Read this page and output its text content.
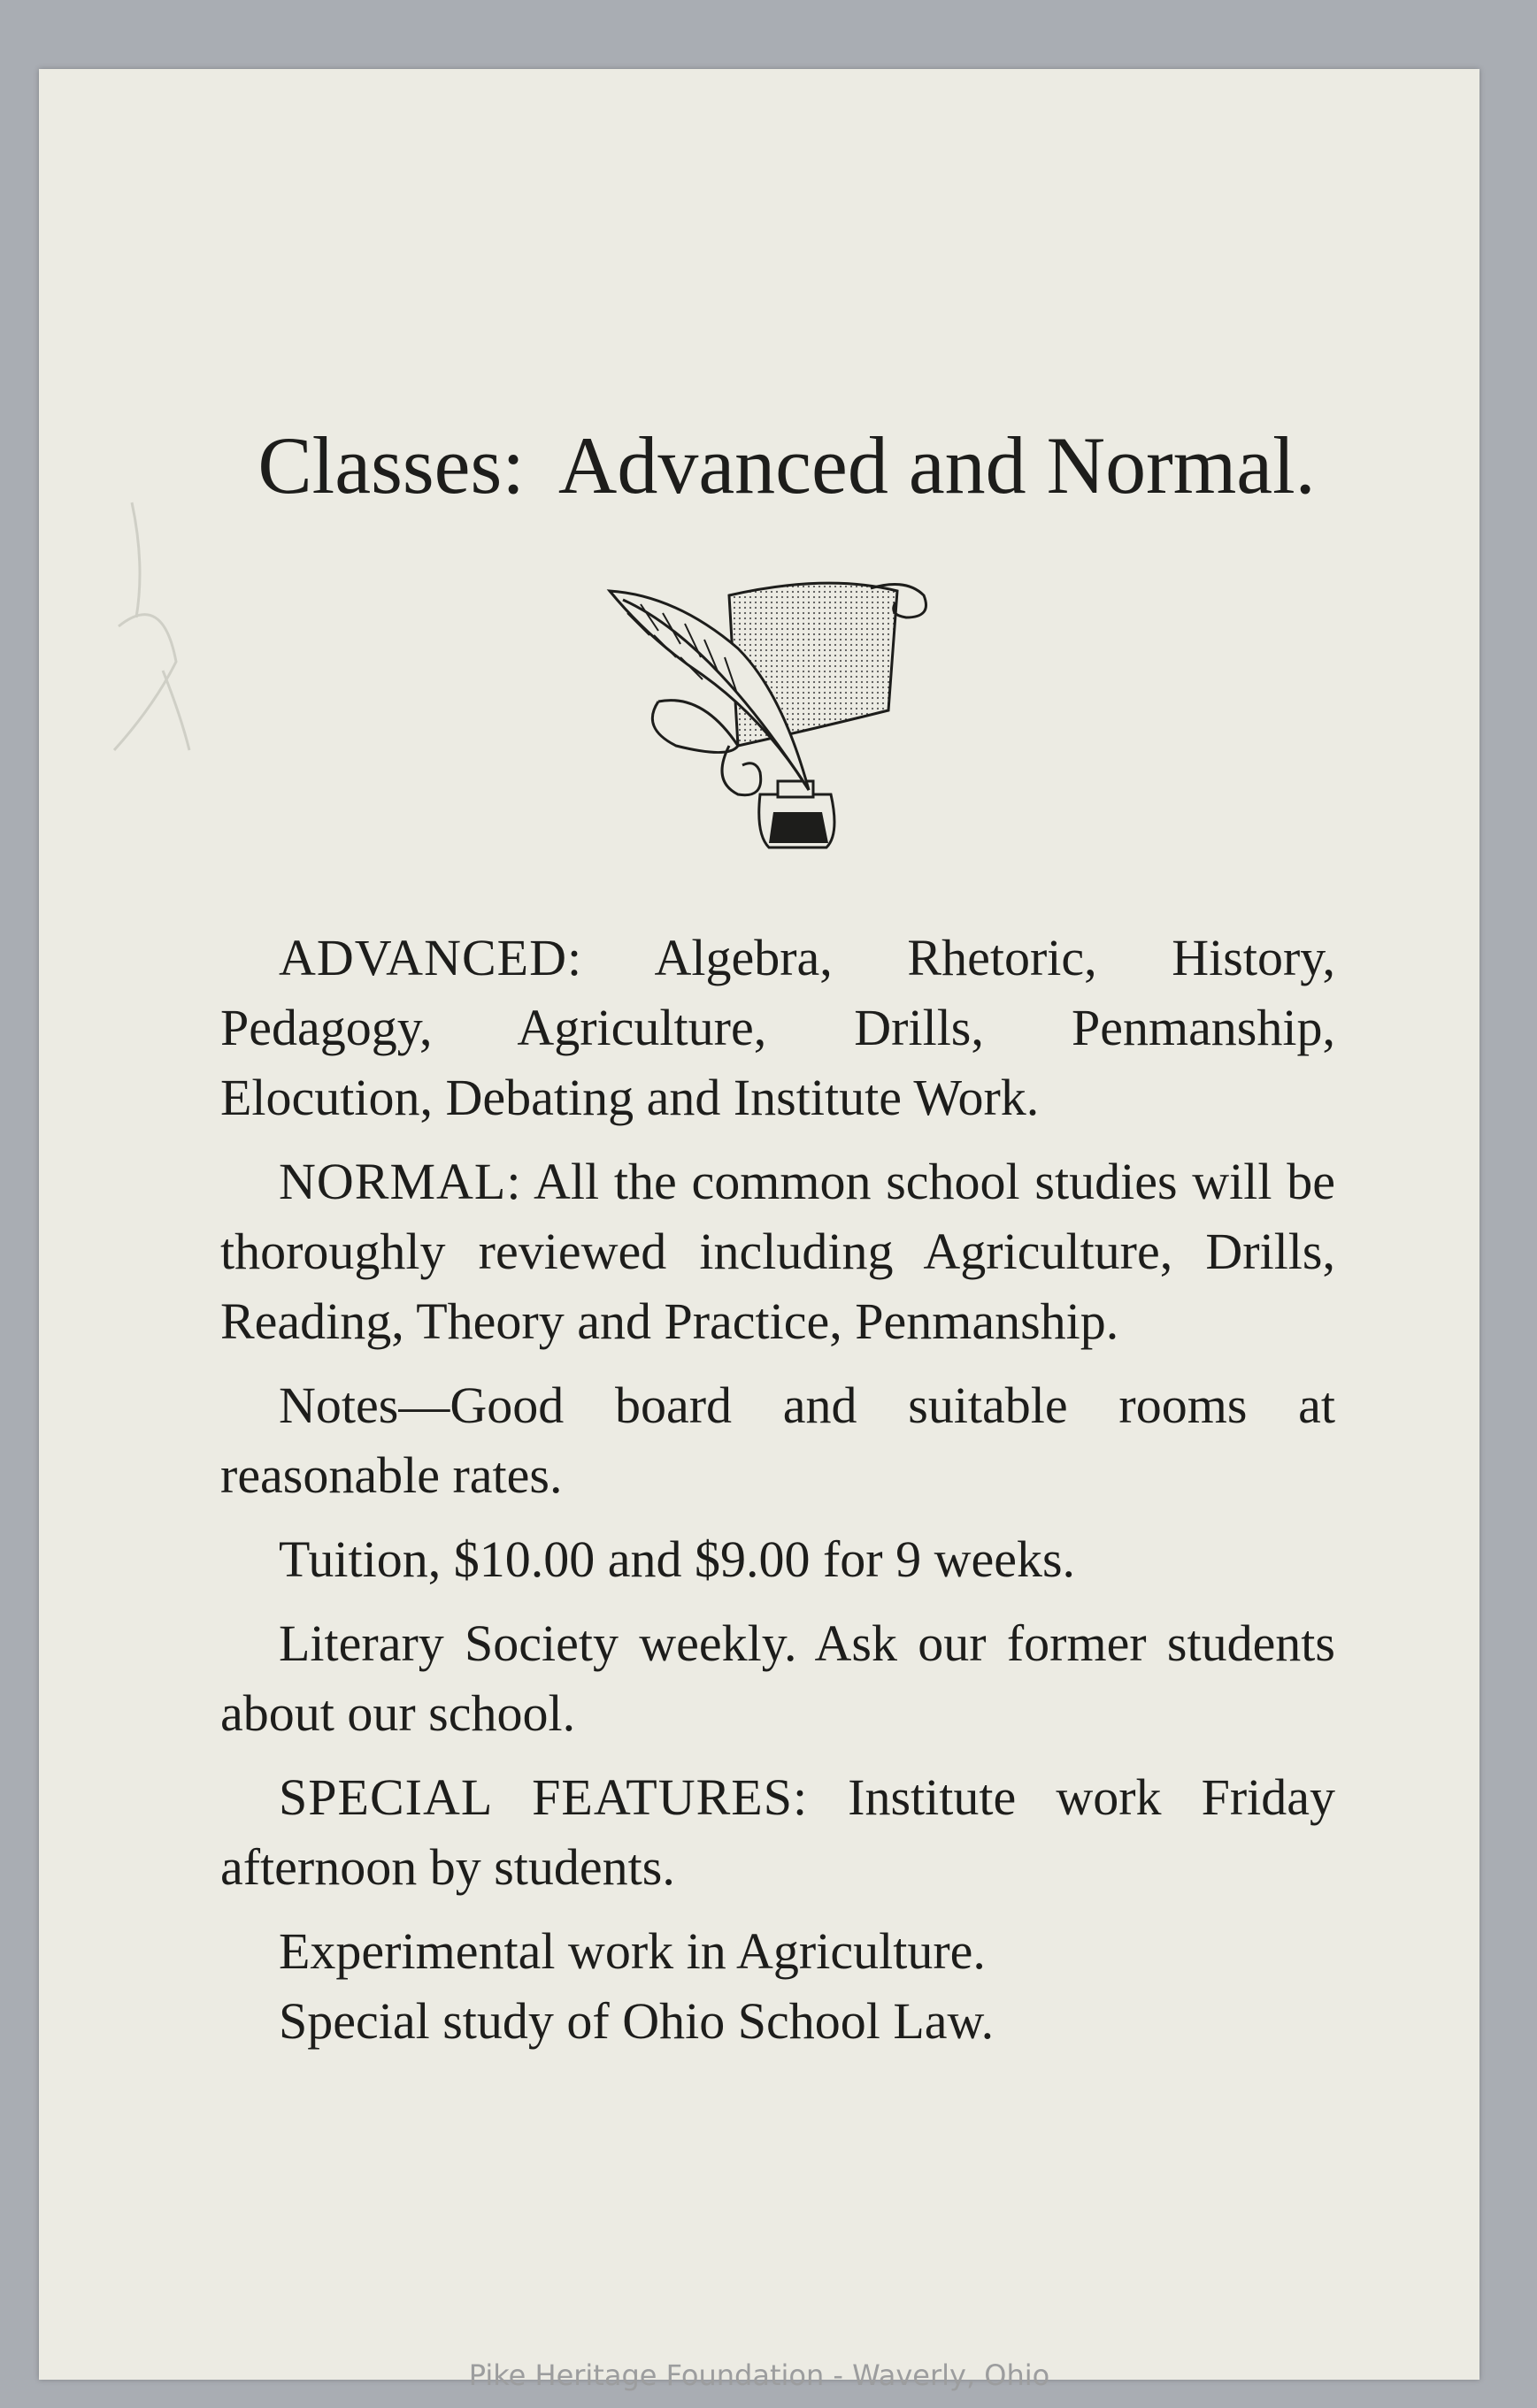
Classes: Advanced and Normal.

ADVANCED: Algebra, Rhetoric, History, Pedagogy, Agriculture, Drills, Penmanship, Elocution, Debating and Institute Work.

NORMAL: All the common school studies will be thoroughly reviewed including Agriculture, Drills, Reading, Theory and Practice, Penmanship.

Notes—Good board and suitable rooms at reasonable rates.

Tuition, $10.00 and $9.00 for 9 weeks.

Literary Society weekly. Ask our former students about our school.

SPECIAL FEATURES: Institute work Friday afternoon by students.

Experimental work in Agriculture.
Special study of Ohio School Law.
Pike Heritage Foundation - Waverly, Ohio
